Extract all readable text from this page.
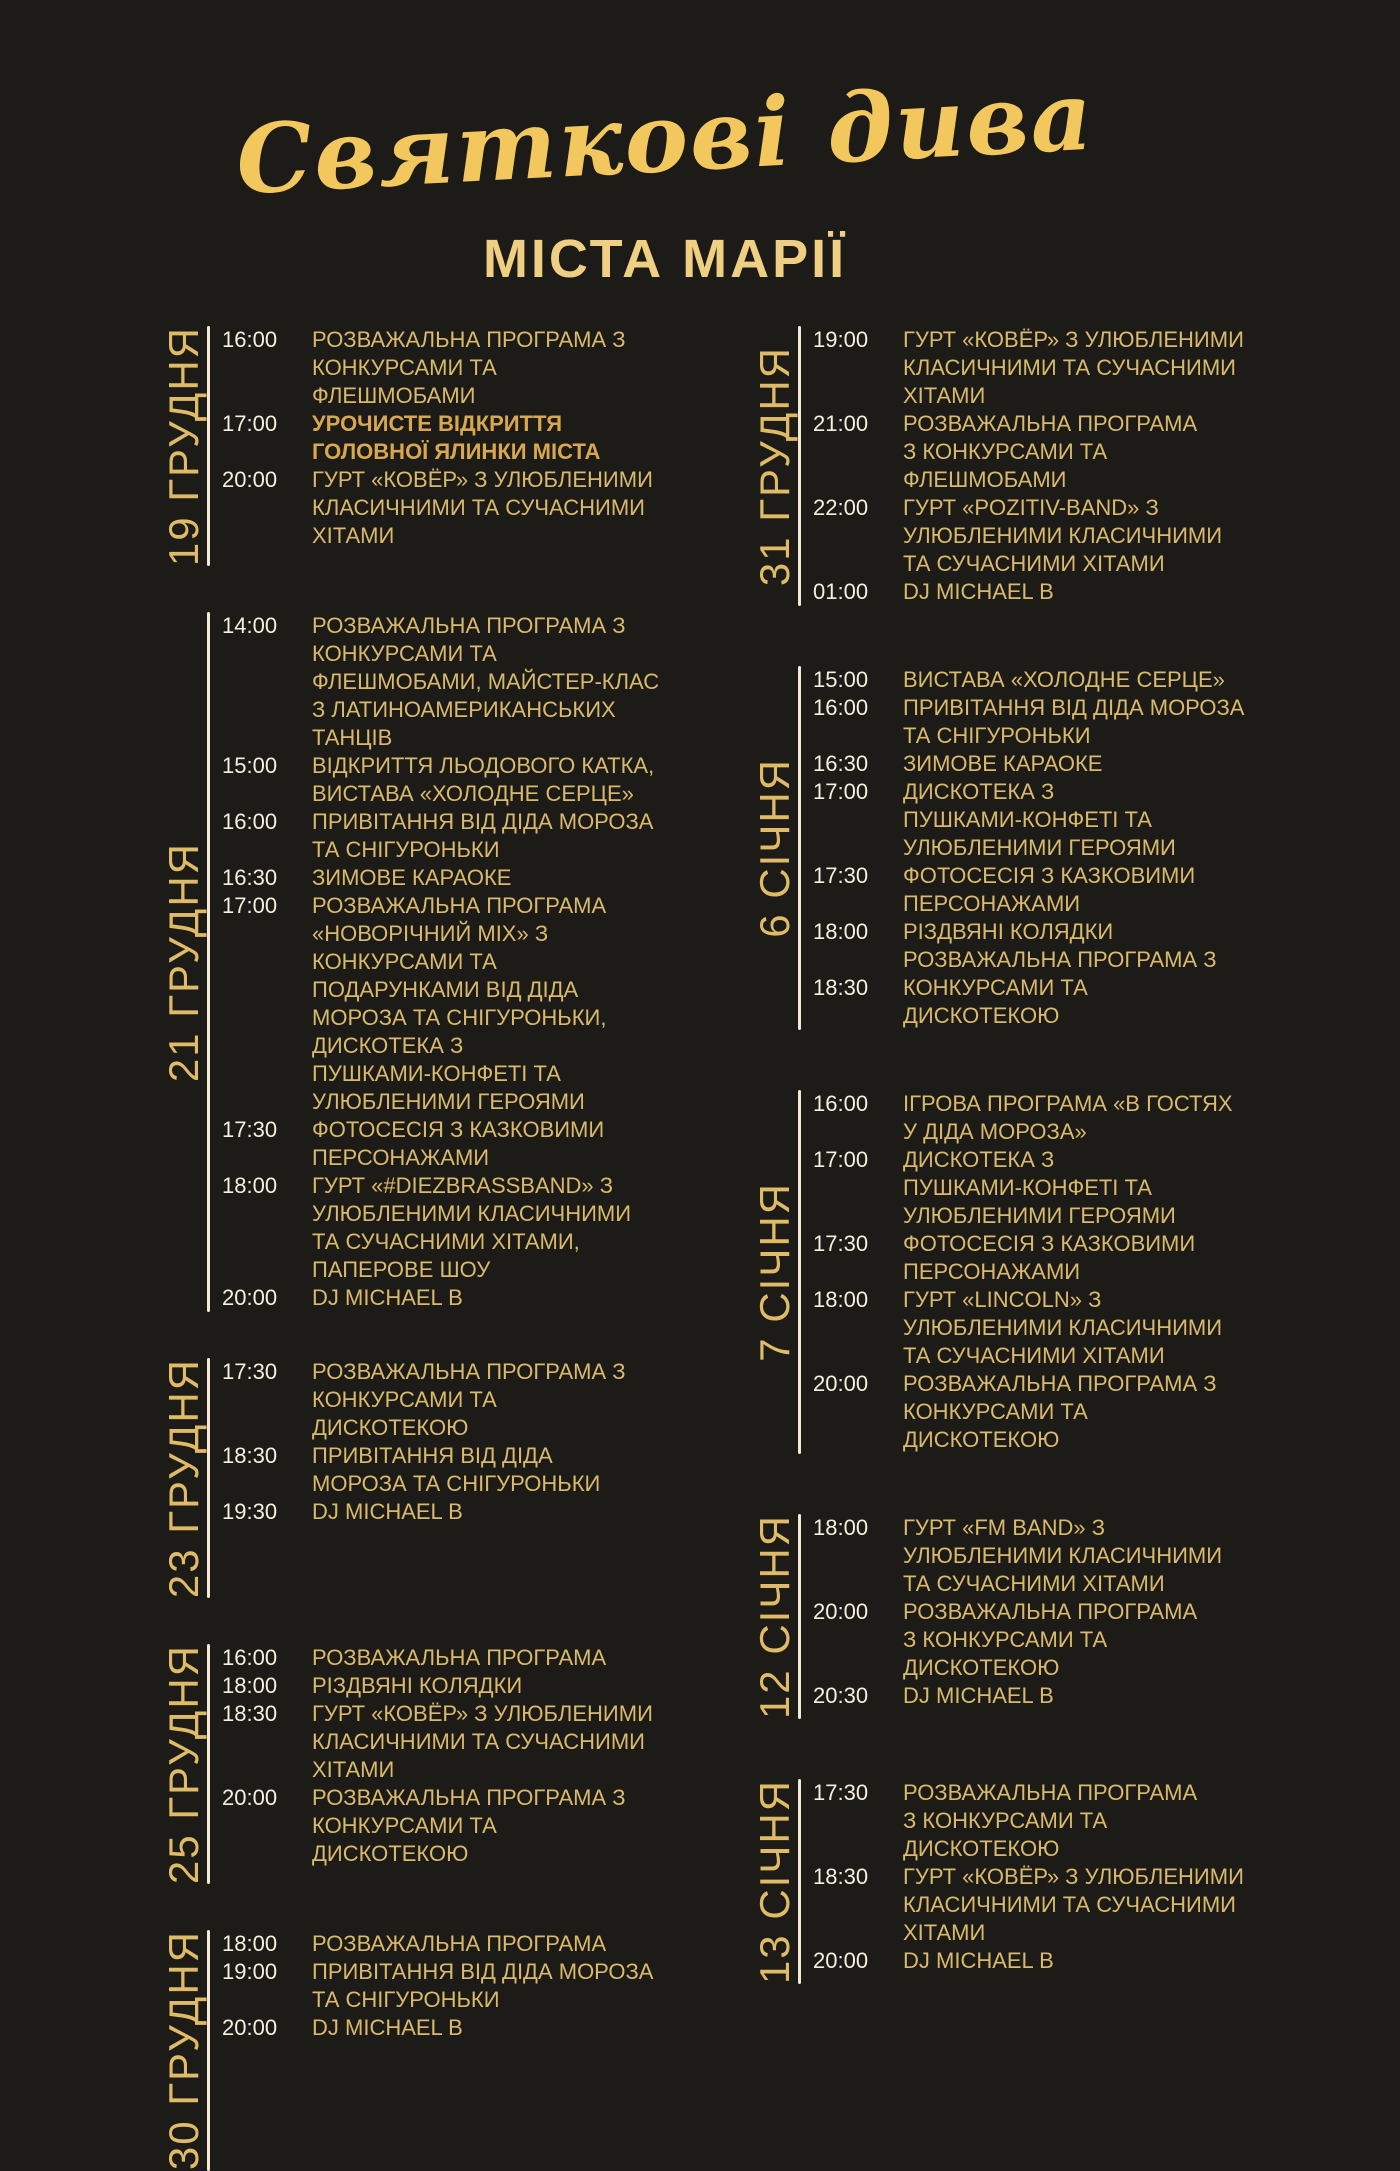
Святкові дива
МІСТА МАРІЇ
19 ГРУДНЯ 16:00	РОЗВАЖАЛЬНА ПРОГРАМА З
КОНКУРСАМИ ТА
ФЛЕШМОБАМИ
17:00	УРОЧИСТЕ ВІДКРИТТЯ
ГОЛОВНОЇ ЯЛИНКИ МІСТА
20:00	ГУРТ «КОВЁР» З УЛЮБЛЕНИМИ
КЛАСИЧНИМИ ТА СУЧАСНИМИ
ХІТАМИ
21 ГРУДНЯ
14:00	РОЗВАЖАЛЬНА ПРОГРАМА З
КОНКУРСАМИ ТА
ФЛЕШМОБАМИ, МАЙСТЕР-КЛАС
З ЛАТИНОАМЕРИКАНСЬКИХ
ТАНЦІВ
15:00	ВІДКРИТТЯ ЛЬОДОВОГО КАТКА,
ВИСТАВА «ХОЛОДНЕ СЕРЦЕ»
16:00	ПРИВІТАННЯ ВІД ДІДА МОРОЗА
ТА СНІГУРОНЬКИ
16:30	ЗИМОВЕ КАРАОКЕ
17:00	РОЗВАЖАЛЬНА ПРОГРАМА
«НОВОРІЧНИЙ MIX» З
КОНКУРСАМИ ТА
ПОДАРУНКАМИ ВІД ДІДА
МОРОЗА ТА СНІГУРОНЬКИ,
ДИСКОТЕКА З
ПУШКАМИ-КОНФЕТІ ТА
УЛЮБЛЕНИМИ ГЕРОЯМИ
17:30	ФОТОСЕСІЯ З КАЗКОВИМИ
ПЕРСОНАЖАМИ
18:00	ГУРТ «#DIEZBRASSBAND» З
УЛЮБЛЕНИМИ КЛАСИЧНИМИ
ТА СУЧАСНИМИ ХІТАМИ,
ПАПЕРОВЕ ШОУ
20:00	DJ MICHAEL B
23 ГРУДНЯ 17:30	РОЗВАЖАЛЬНА ПРОГРАМА З
КОНКУРСАМИ ТА
ДИСКОТЕКОЮ
18:30	ПРИВІТАННЯ ВІД ДІДА
МОРОЗА ТА СНІГУРОНЬКИ
19:30	DJ MICHAEL B
25 ГРУДНЯ 16:00	РОЗВАЖАЛЬНА ПРОГРАМА
18:00	РІЗДВЯНІ КОЛЯДКИ
18:30	ГУРТ «КОВЁР» З УЛЮБЛЕНИМИ
КЛАСИЧНИМИ ТА СУЧАСНИМИ
ХІТАМИ
20:00	РОЗВАЖАЛЬНА ПРОГРАМА З
КОНКУРСАМИ ТА
ДИСКОТЕКОЮ
30 ГРУДНЯ 18:00	РОЗВАЖАЛЬНА ПРОГРАМА
19:00	ПРИВІТАННЯ ВІД ДІДА МОРОЗА
ТА СНІГУРОНЬКИ
20:00	DJ MICHAEL B
31 ГРУДНЯ
19:00	ГУРТ «КОВЁР» З УЛЮБЛЕНИМИ
КЛАСИЧНИМИ ТА СУЧАСНИМИ
ХІТАМИ
21:00	РОЗВАЖАЛЬНА ПРОГРАМА
З КОНКУРСАМИ ТА
ФЛЕШМОБАМИ
22:00	ГУРТ «POZITIV-BAND» З
УЛЮБЛЕНИМИ КЛАСИЧНИМИ
ТА СУЧАСНИМИ ХІТАМИ
01:00	DJ MICHAEL B
6 СІЧНЯ
15:00	ВИСТАВА «ХОЛОДНЕ СЕРЦЕ»
16:00	ПРИВІТАННЯ ВІД ДІДА МОРОЗА
ТА СНІГУРОНЬКИ
16:30	ЗИМОВЕ КАРАОКЕ
17:00	ДИСКОТЕКА З
ПУШКАМИ-КОНФЕТІ ТА
УЛЮБЛЕНИМИ ГЕРОЯМИ
17:30	ФОТОСЕСІЯ З КАЗКОВИМИ
ПЕРСОНАЖАМИ
18:00	РІЗДВЯНІ КОЛЯДКИ
18:30
РОЗВАЖАЛЬНА ПРОГРАМА З
КОНКУРСАМИ ТА
ДИСКОТЕКОЮ
7 СІЧНЯ
16:00	ІГРОВА ПРОГРАМА «В ГОСТЯХ
У ДІДА МОРОЗА»
17:00	ДИСКОТЕКА З
ПУШКАМИ-КОНФЕТІ ТА
УЛЮБЛЕНИМИ ГЕРОЯМИ
17:30	ФОТОСЕСІЯ З КАЗКОВИМИ
ПЕРСОНАЖАМИ
18:00	ГУРТ «LINCOLN» З
УЛЮБЛЕНИМИ КЛАСИЧНИМИ
ТА СУЧАСНИМИ ХІТАМИ
20:00	РОЗВАЖАЛЬНА ПРОГРАМА З
КОНКУРСАМИ ТА
ДИСКОТЕКОЮ
12 СІЧНЯ 18:00	ГУРТ «FM BAND» З
УЛЮБЛЕНИМИ КЛАСИЧНИМИ
ТА СУЧАСНИМИ ХІТАМИ
20:00	РОЗВАЖАЛЬНА ПРОГРАМА
З КОНКУРСАМИ ТА
ДИСКОТЕКОЮ
20:30	DJ MICHAEL B
13 СІЧНЯ 17:30	РОЗВАЖАЛЬНА ПРОГРАМА
З КОНКУРСАМИ ТА
ДИСКОТЕКОЮ
18:30	ГУРТ «КОВЁР» З УЛЮБЛЕНИМИ
КЛАСИЧНИМИ ТА СУЧАСНИМИ
ХІТАМИ
20:00	DJ MICHAEL B
